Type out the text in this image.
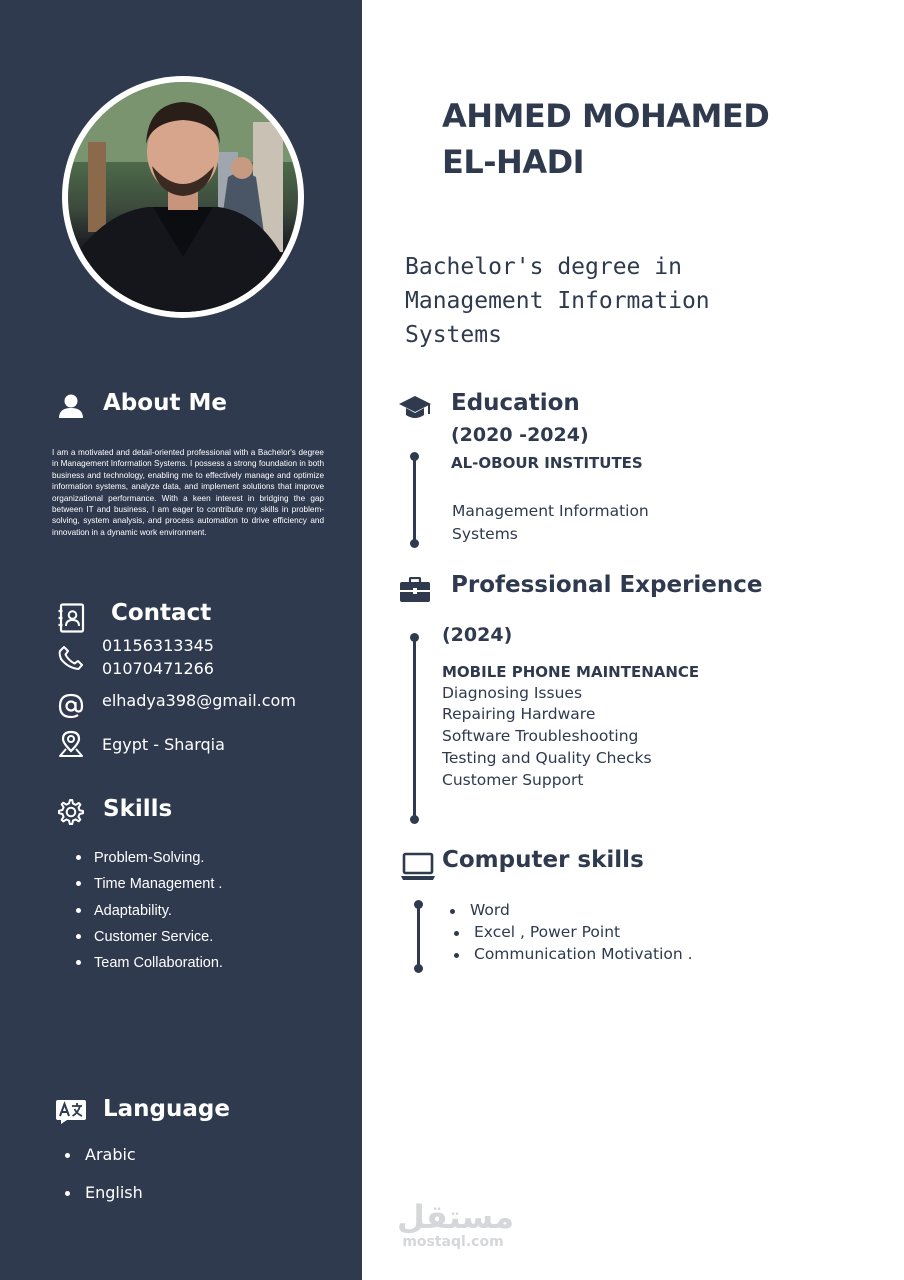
About Me

I am a motivated and detail-oriented professional with a Bachelor's degree in Management Information Systems. I possess a strong foundation in both business and technology, enabling me to effectively manage and optimize information systems, analyze data, and implement solutions that improve organizational performance. With a keen interest in bridging the gap between IT and business, I am eager to contribute my skills in problem-solving, system analysis, and process automation to drive efficiency and innovation in a dynamic work environment.

Contact
01156313345
01070471266
elhadya398@gmail.com
Egypt - Sharqia
Skills
Problem-Solving.
Time Management .
Adaptability.
Customer Service.
Team Collaboration.
Language
Arabic
English
AHMED MOHAMED
EL-HADI
Bachelor's degree in
Management Information
Systems
Education
(2020 -2024)
AL-OBOUR INSTITUTES
Management Information
Systems
Professional Experience
(2024)
MOBILE PHONE MAINTENANCE
Diagnosing Issues
Repairing Hardware
Software Troubleshooting
Testing and Quality Checks
Customer Support
Computer skills
Word
Excel , Power Point
Communication Motivation .
مستقل
mostaql.com
